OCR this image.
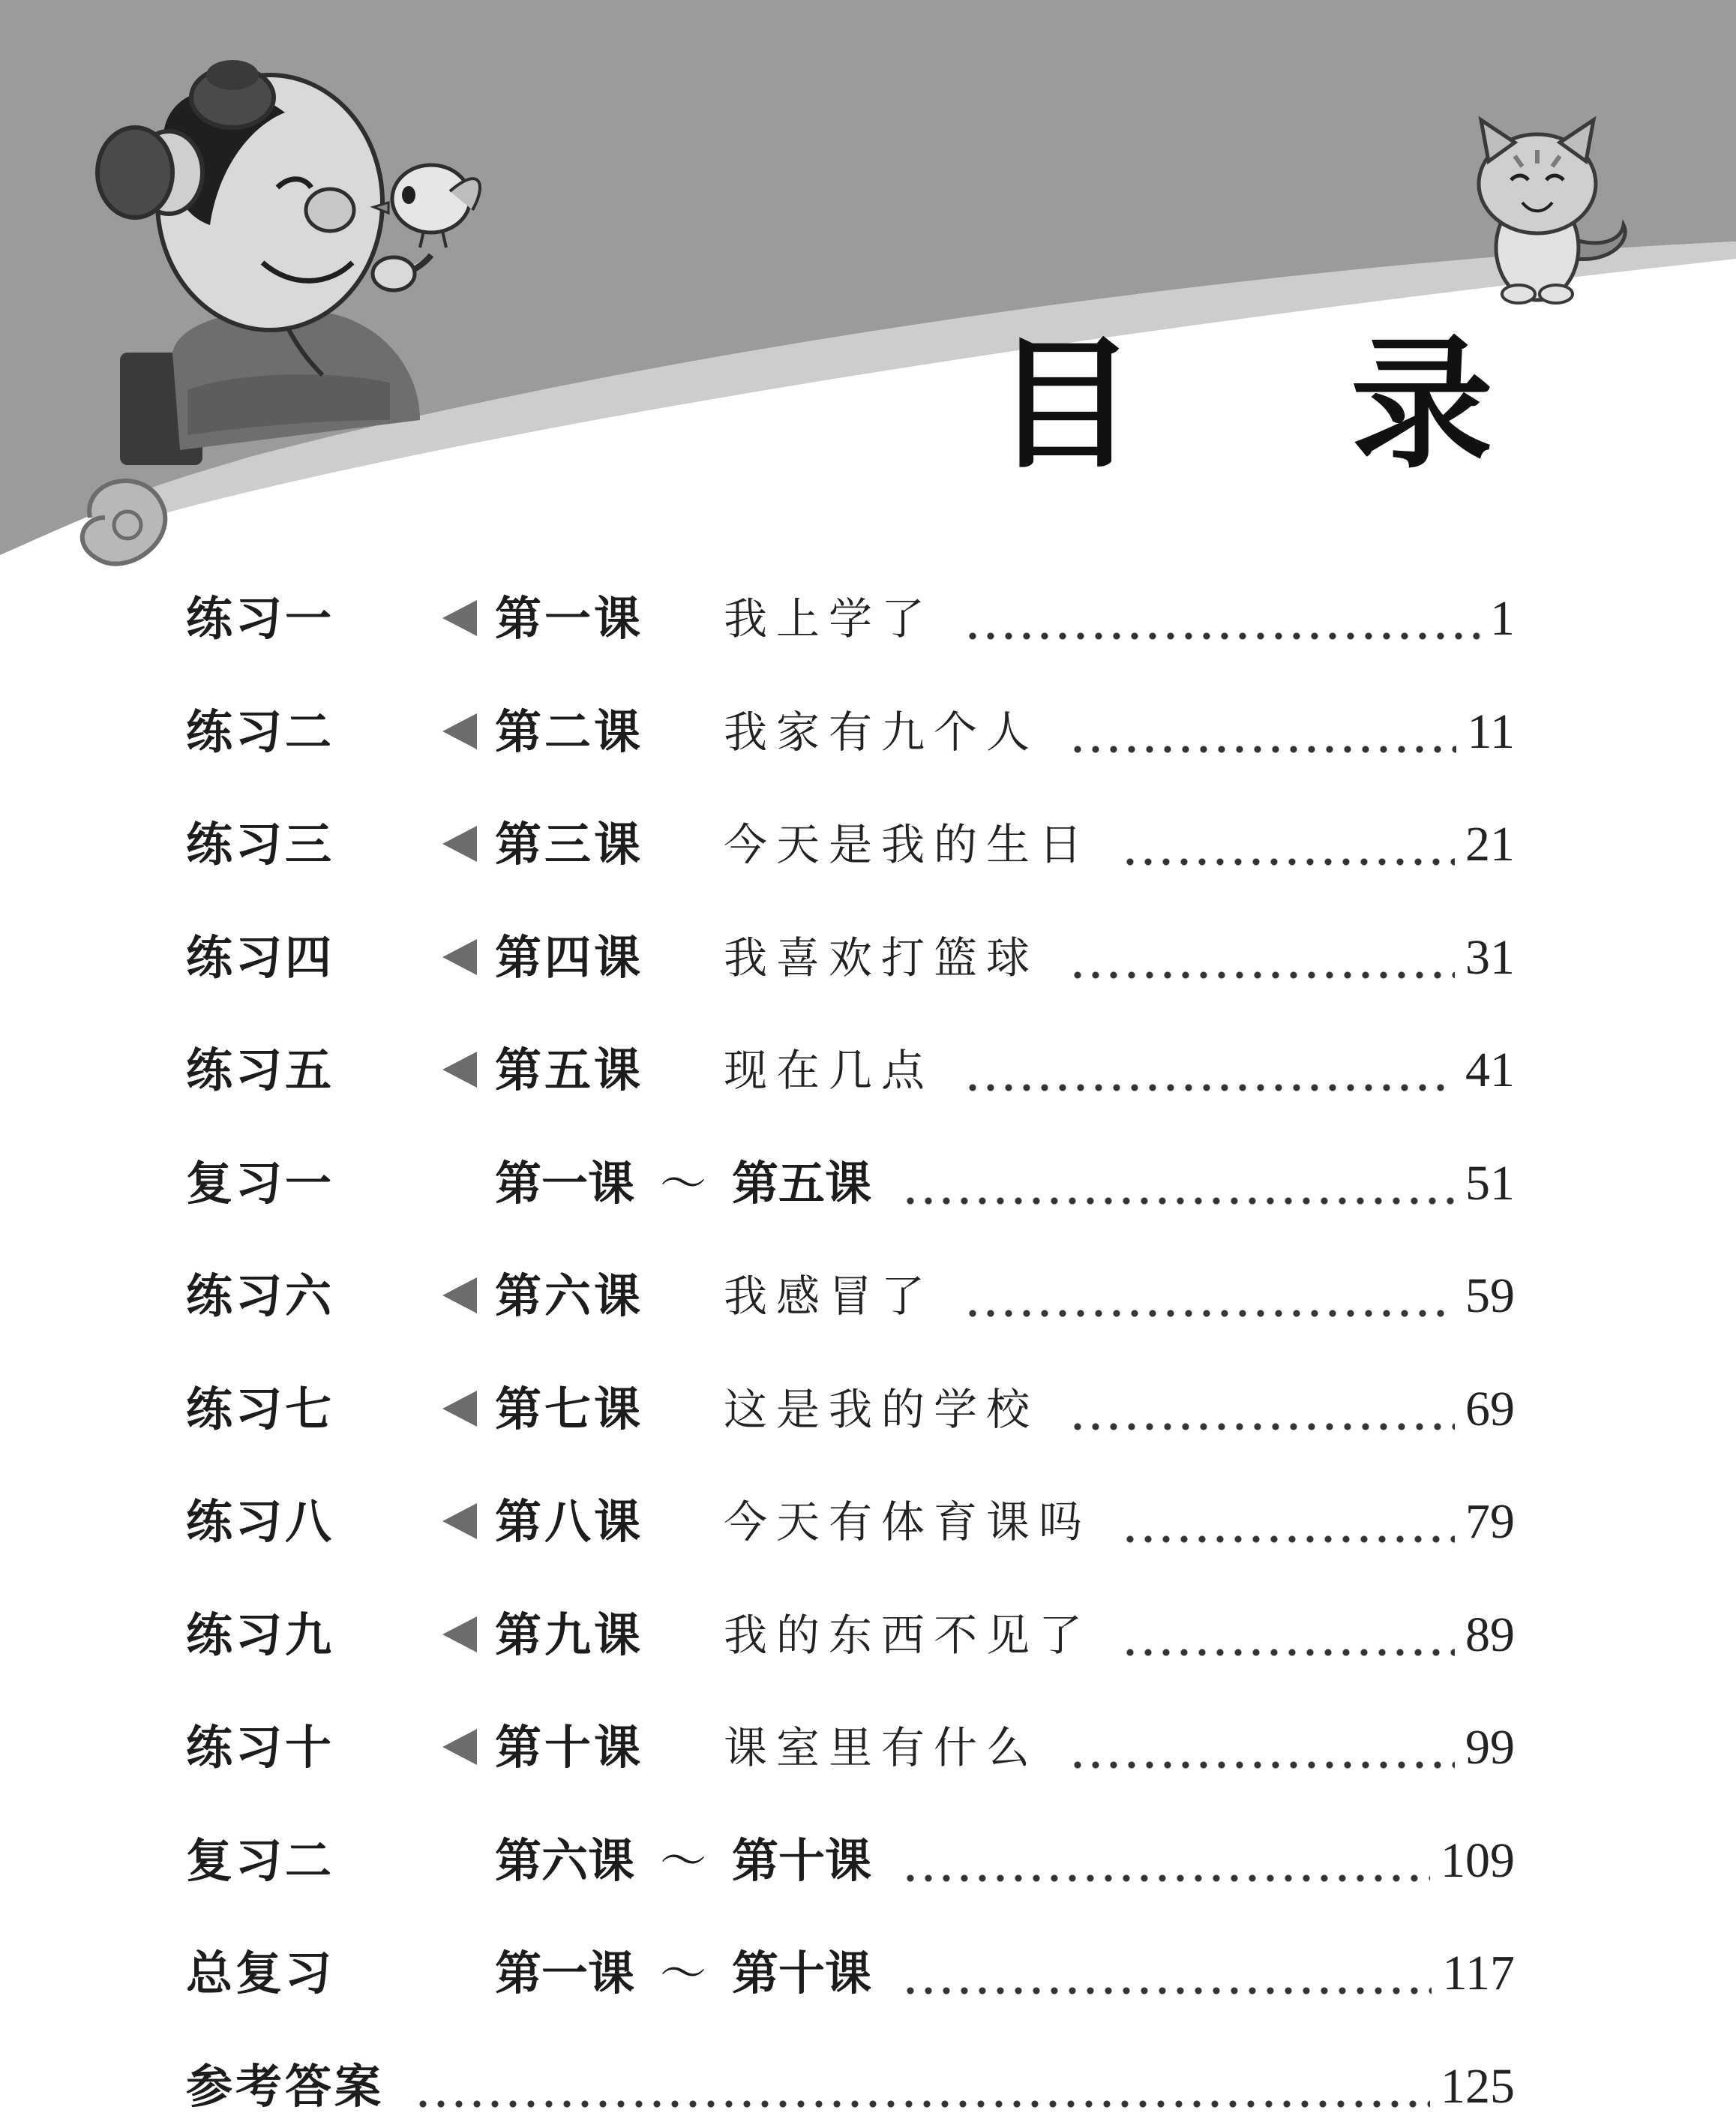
目 录
练习一	第一课 我上学了	1
练习二	第二课 我家有九个人	11
练习三	第三课 今天是我的生日	21
练习四	第四课 我喜欢打篮球	31
练习五	第五课 现在几点	41
复习一	第一课 ～ 第五课	51
练习六	第六课 我感冒了	59
练习七	第七课 这是我的学校	69
练习八	第八课 今天有体育课吗	79
练习九	第九课 我的东西不见了	89
练习十	第十课 课室里有什么	99
复习二	第六课 ～ 第十课	109
总复习	第一课 ～ 第十课	117
参考答案	125
